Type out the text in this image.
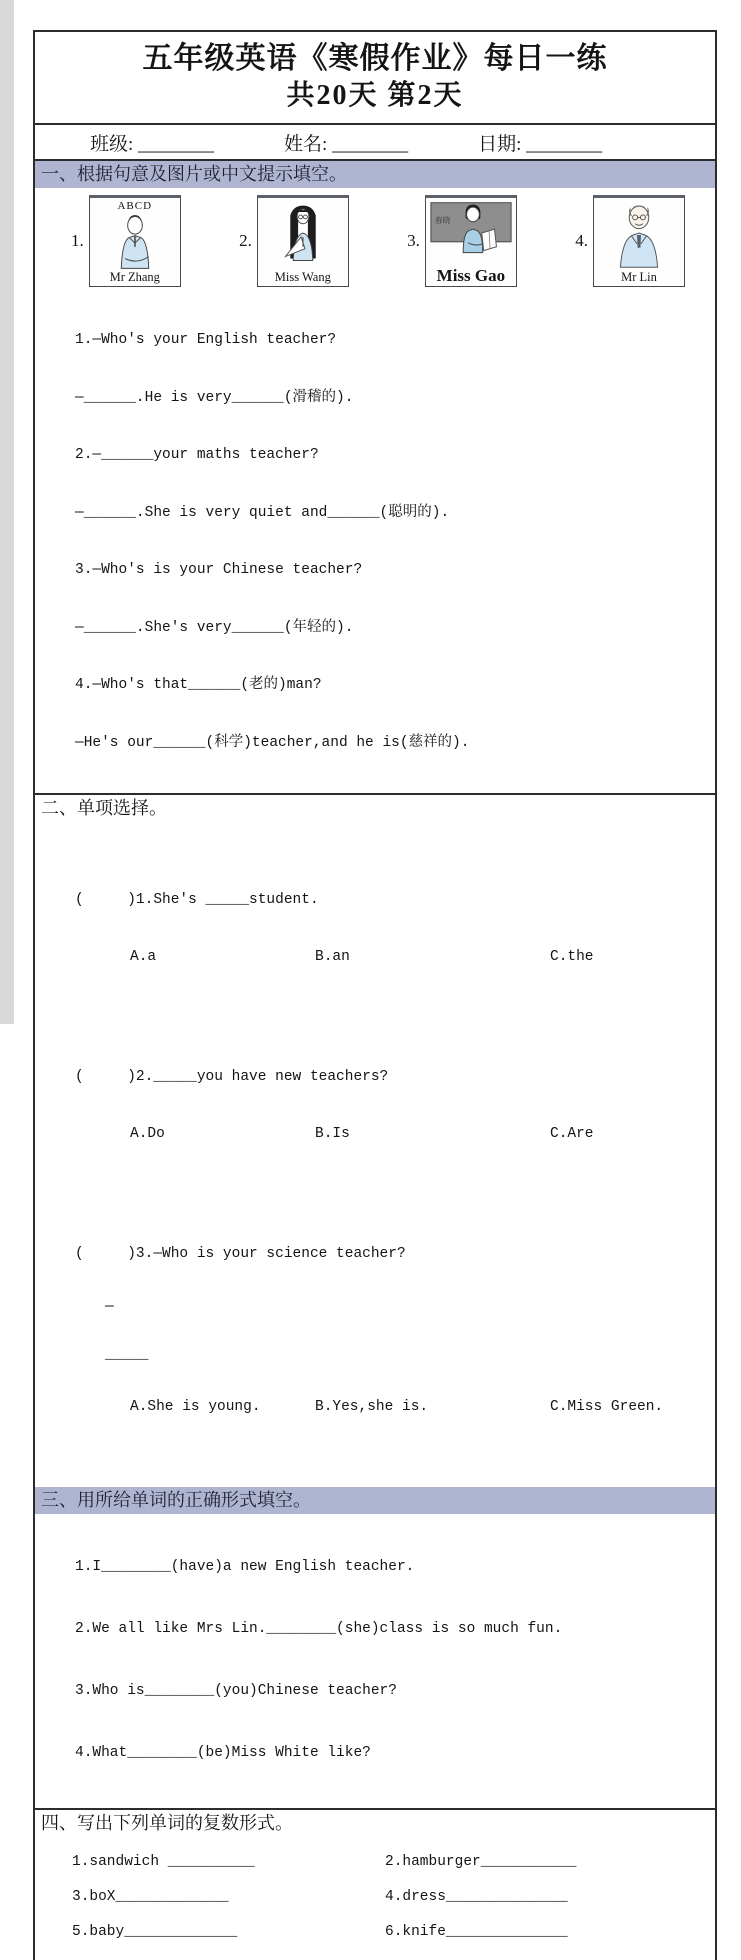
五年级英语《寒假作业》每日一练
共20天 第2天
班级: ________	姓名: ________	日期: ________
一、根据句意及图片或中文提示填空。
1.
ABCD
Mr Zhang
2.
Miss Wang
3.
春晓
Miss Gao
4.
Mr Lin

1.—Who's your English teacher?

—______.He is very______(滑稽的).

2.—______your maths teacher?

—______.She is very quiet and______(聪明的).

3.—Who's is your Chinese teacher?

—______.She's very______(年轻的).

4.—Who's that______(老的)man?

—He's our______(科学)teacher,and he is(慈祥的).

二、单项选择。

(     )1.She's _____student.

A.a	B.an	C.the

(     )2._____you have new teachers?

A.Do	B.Is	C.Are

(     )3.—Who is your science teacher?

—

_____

A.She is young.	B.Yes,she is.	C.Miss Green.

三、用所给单词的正确形式填空。

1.I________(have)a new English teacher.

2.We all like Mrs Lin.________(she)class is so much fun.

3.Who is________(you)Chinese teacher?

4.What________(be)Miss White like?

四、写出下列单词的复数形式。
1.sandwich __________	2.hamburger___________
3.boX_____________	4.dress______________
5.baby_____________	6.knife______________
